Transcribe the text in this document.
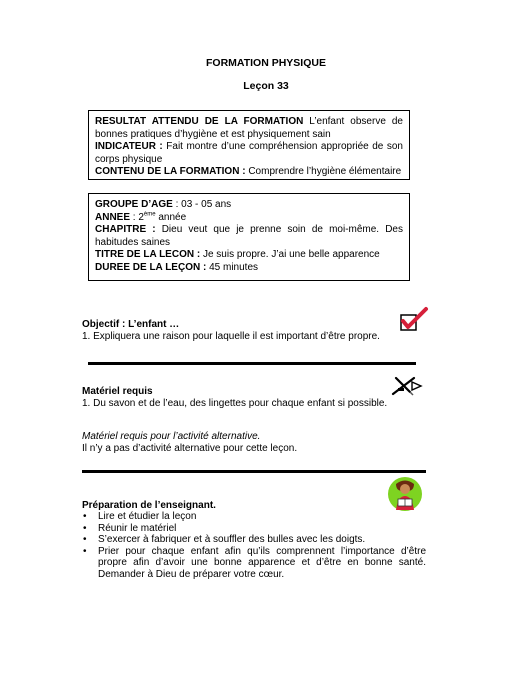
FORMATION PHYSIQUE
Leçon 33

RESULTAT ATTENDU DE LA FORMATION L’enfant observe de bonnes pratiques d’hygiène et est physiquement sain

INDICATEUR : Fait montre d’une compréhension appropriée de son corps physique

CONTENU DE LA FORMATION : Comprendre l’hygiène élémentaire

GROUPE D’AGE : 03 - 05 ans

ANNEE : 2ème année

CHAPITRE : Dieu veut que je prenne soin de moi-même. Des habitudes saines

TITRE DE LA LECON : Je suis propre. J’ai une belle apparence

DUREE DE LA LEÇON : 45 minutes

Objectif : L’enfant …
1. Expliquera une raison pour laquelle il est important d’être propre.
Matériel requis
1. Du savon et de l’eau, des lingettes pour chaque enfant si possible.
Matériel requis pour l’activité alternative.
Il n’y a pas d’activité alternative pour cette leçon.
Préparation de l’enseignant.
• Lire et étudier la leçon
• Réunir le matériel
• S’exercer à fabriquer et à souffler des bulles avec les doigts.
• Prier pour chaque enfant afin qu’ils comprennent l’importance d’être propre afin d’avoir une bonne apparence et d’être en bonne santé. Demander à Dieu de préparer votre cœur.
